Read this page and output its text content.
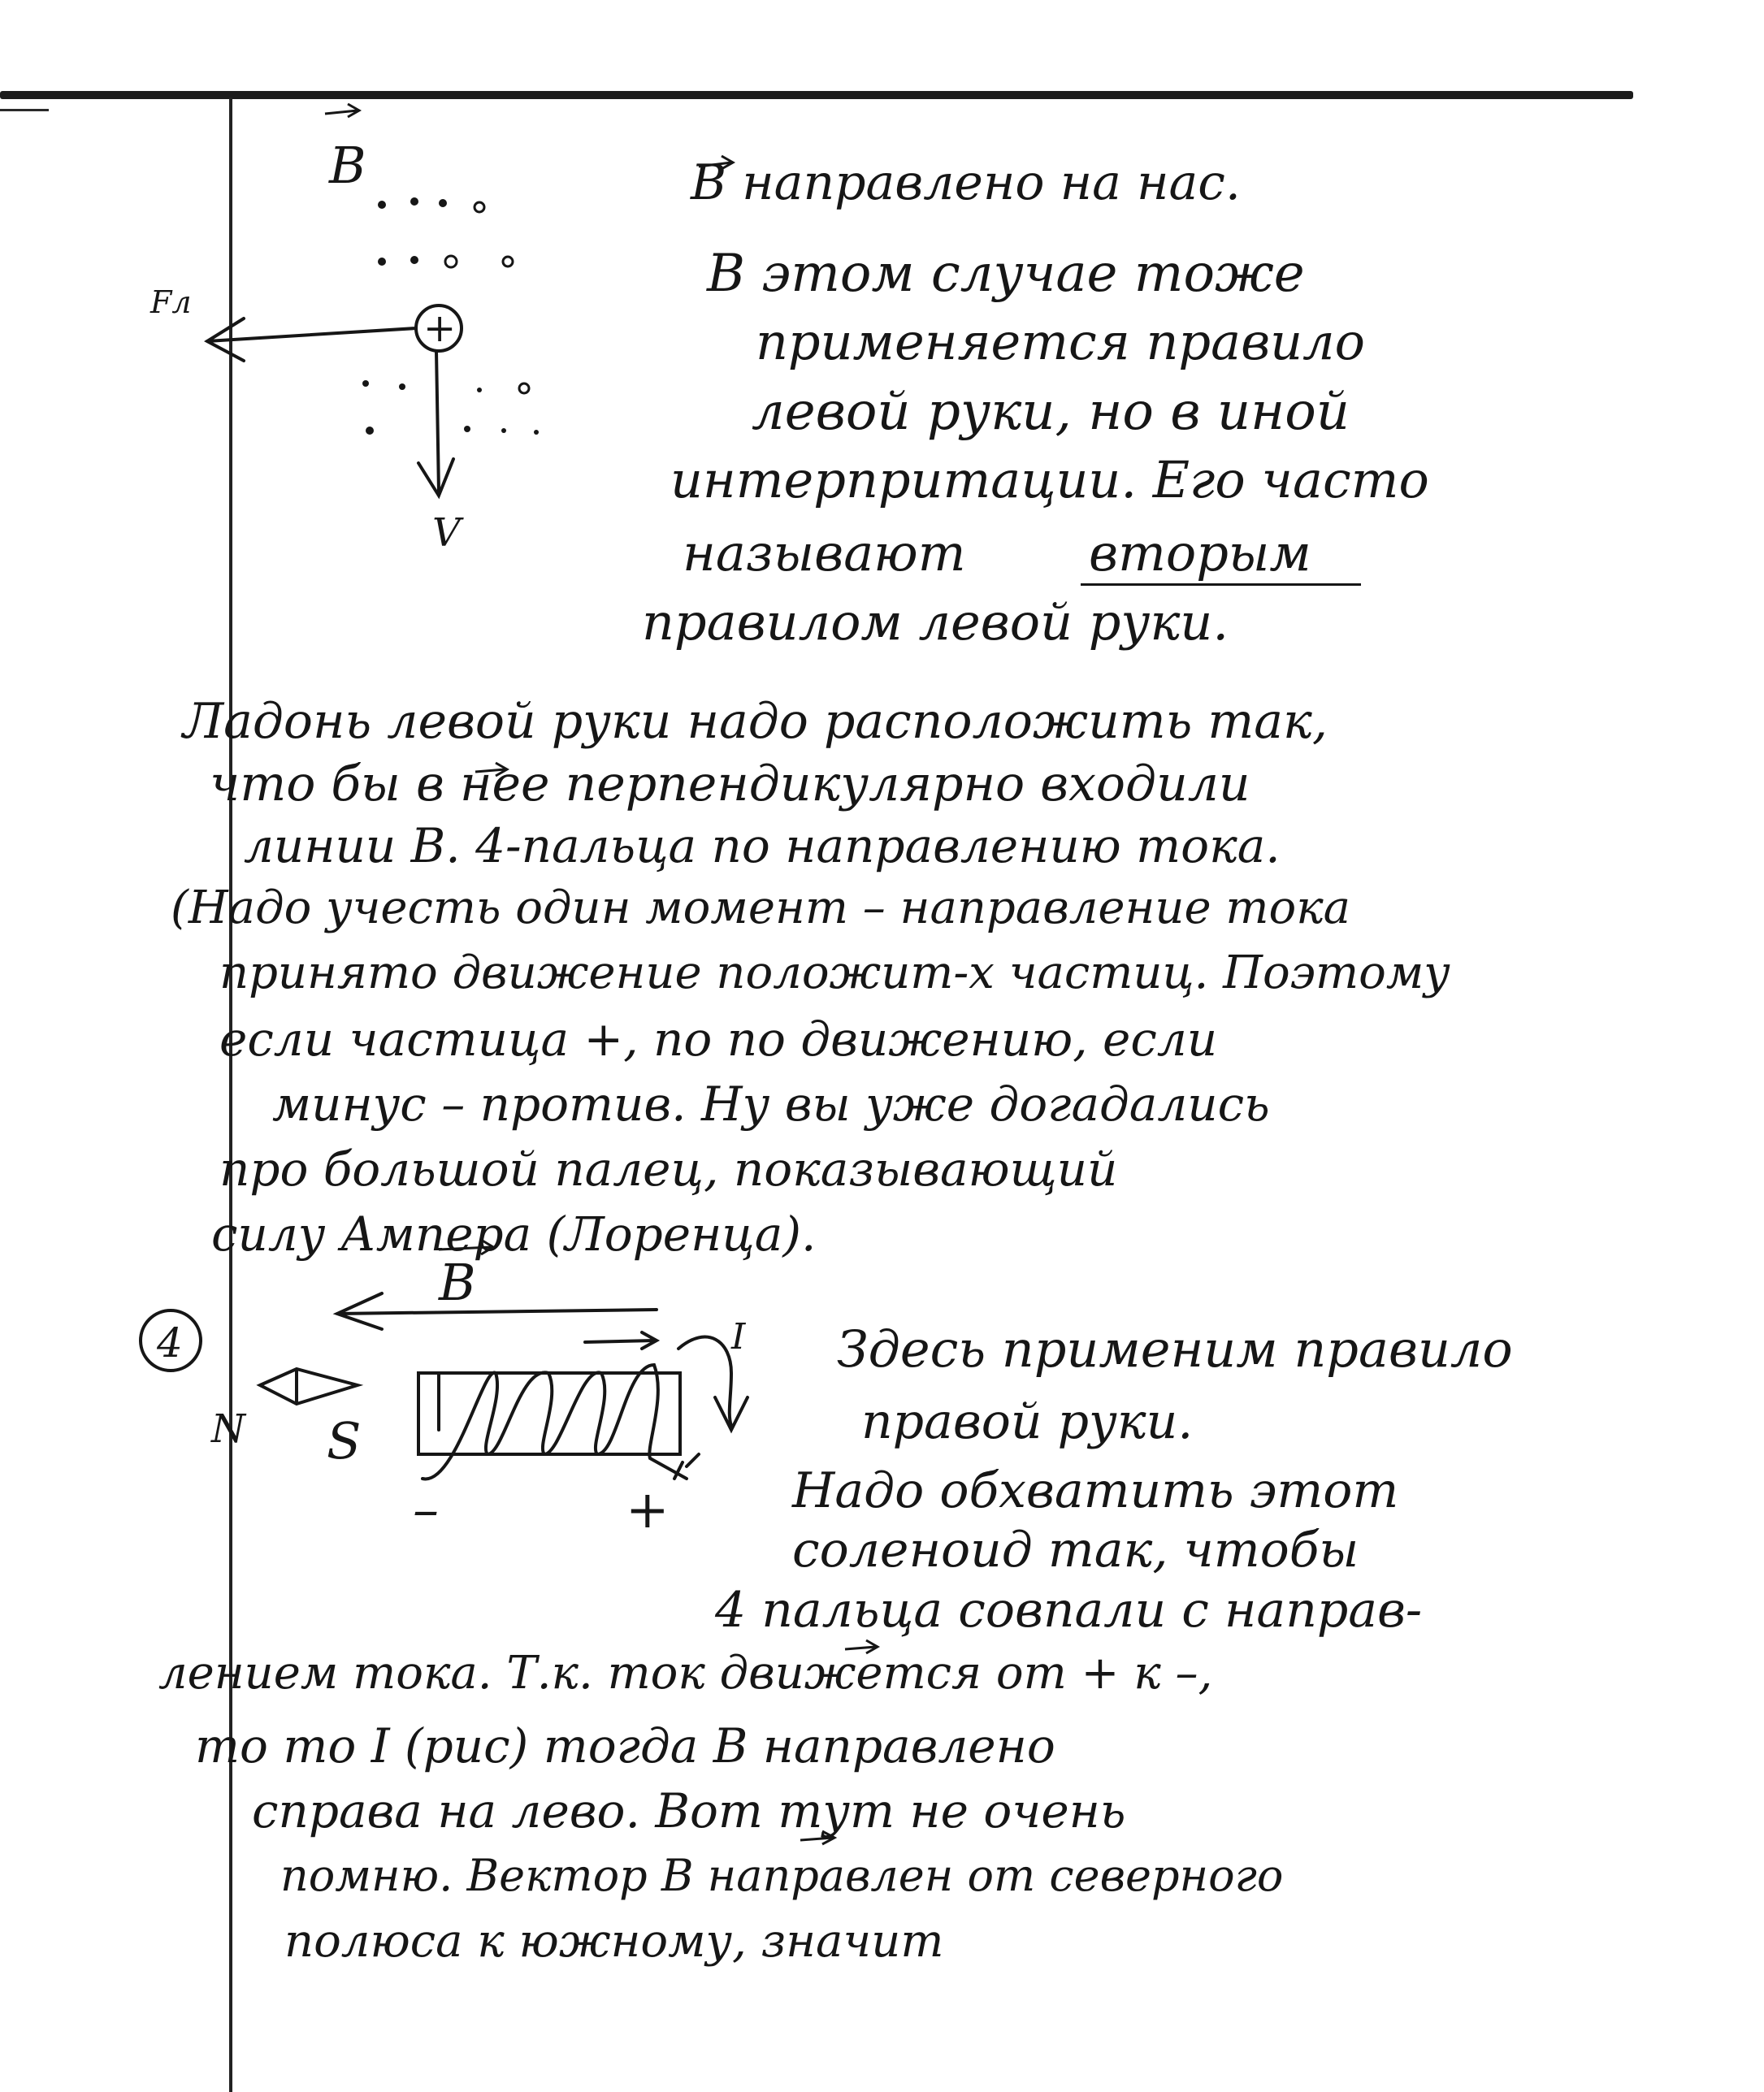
B
Fл
+
V
4
B
N S
I
–	+
B направлено на нас.
В этом случае тоже
применяется правило
левой руки, но в иной
интерпритации. Его часто
называют вторым
правилом левой руки.
Ладонь левой руки надо расположить так,
что бы в нее перпендикулярно входили
линии B. 4-пальца по направлению тока.
(Надо учесть один момент – направление тока
принято движение положит-х частиц. Поэтому
если частица +, по по движению, если
минус – против. Ну вы уже догадались
про большой палец, показывающий
силу Ампера (Лоренца).
Здесь применим правило
правой руки.
Надо обхватить этот
соленоид так, чтобы
4 пальца совпали с направ-
лением тока. Т.к. ток движется от + к –,
то то I (рис) тогда B направлено
справа на лево. Вот тут не очень
помню. Вектор B направлен от северного
полюса к южному, значит
